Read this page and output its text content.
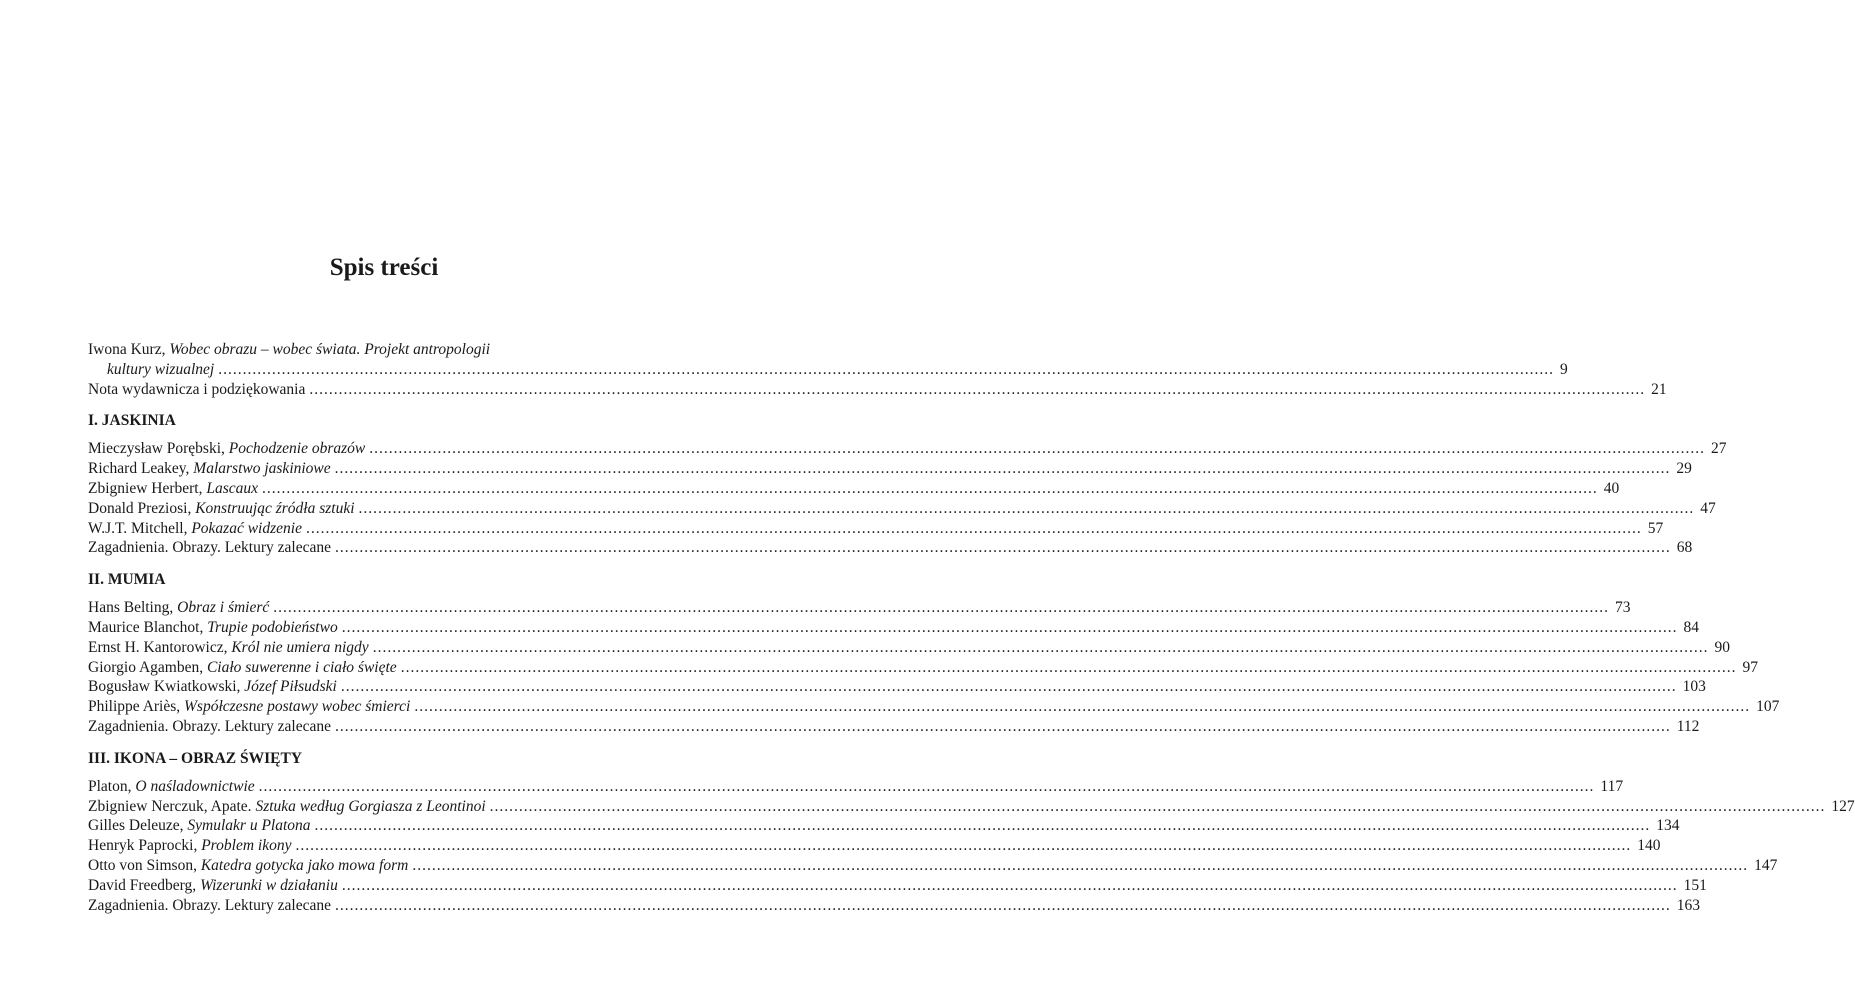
Spis treści
Iwona Kurz, Wobec obrazu – wobec świata. Projekt antropologii
kultury wizualnej .................................................................................................................................................................................................................................................................................. 9
Nota wydawnicza i podziękowania .................................................................................................................................................................................................................................................................................. 21
I. JASKINIA
Mieczysław Porębski, Pochodzenie obrazów .................................................................................................................................................................................................................................................................................. 27
Richard Leakey, Malarstwo jaskiniowe .................................................................................................................................................................................................................................................................................. 29
Zbigniew Herbert, Lascaux .................................................................................................................................................................................................................................................................................. 40
Donald Preziosi, Konstruując źródła sztuki .................................................................................................................................................................................................................................................................................. 47
W.J.T. Mitchell, Pokazać widzenie .................................................................................................................................................................................................................................................................................. 57
Zagadnienia. Obrazy. Lektury zalecane .................................................................................................................................................................................................................................................................................. 68
II. MUMIA
Hans Belting, Obraz i śmierć .................................................................................................................................................................................................................................................................................. 73
Maurice Blanchot, Trupie podobieństwo .................................................................................................................................................................................................................................................................................. 84
Ernst H. Kantorowicz, Król nie umiera nigdy .................................................................................................................................................................................................................................................................................. 90
Giorgio Agamben, Ciało suwerenne i ciało święte .................................................................................................................................................................................................................................................................................. 97
Bogusław Kwiatkowski, Józef Piłsudski .................................................................................................................................................................................................................................................................................. 103
Philippe Ariès, Współczesne postawy wobec śmierci .................................................................................................................................................................................................................................................................................. 107
Zagadnienia. Obrazy. Lektury zalecane .................................................................................................................................................................................................................................................................................. 112
III. IKONA – OBRAZ ŚWIĘTY
Platon, O naśladownictwie .................................................................................................................................................................................................................................................................................. 117
Zbigniew Nerczuk, Apate. Sztuka według Gorgiasza z Leontinoi .................................................................................................................................................................................................................................................................................. 127
Gilles Deleuze, Symulakr u Platona .................................................................................................................................................................................................................................................................................. 134
Henryk Paprocki, Problem ikony .................................................................................................................................................................................................................................................................................. 140
Otto von Simson, Katedra gotycka jako mowa form .................................................................................................................................................................................................................................................................................. 147
David Freedberg, Wizerunki w działaniu .................................................................................................................................................................................................................................................................................. 151
Zagadnienia. Obrazy. Lektury zalecane .................................................................................................................................................................................................................................................................................. 163
